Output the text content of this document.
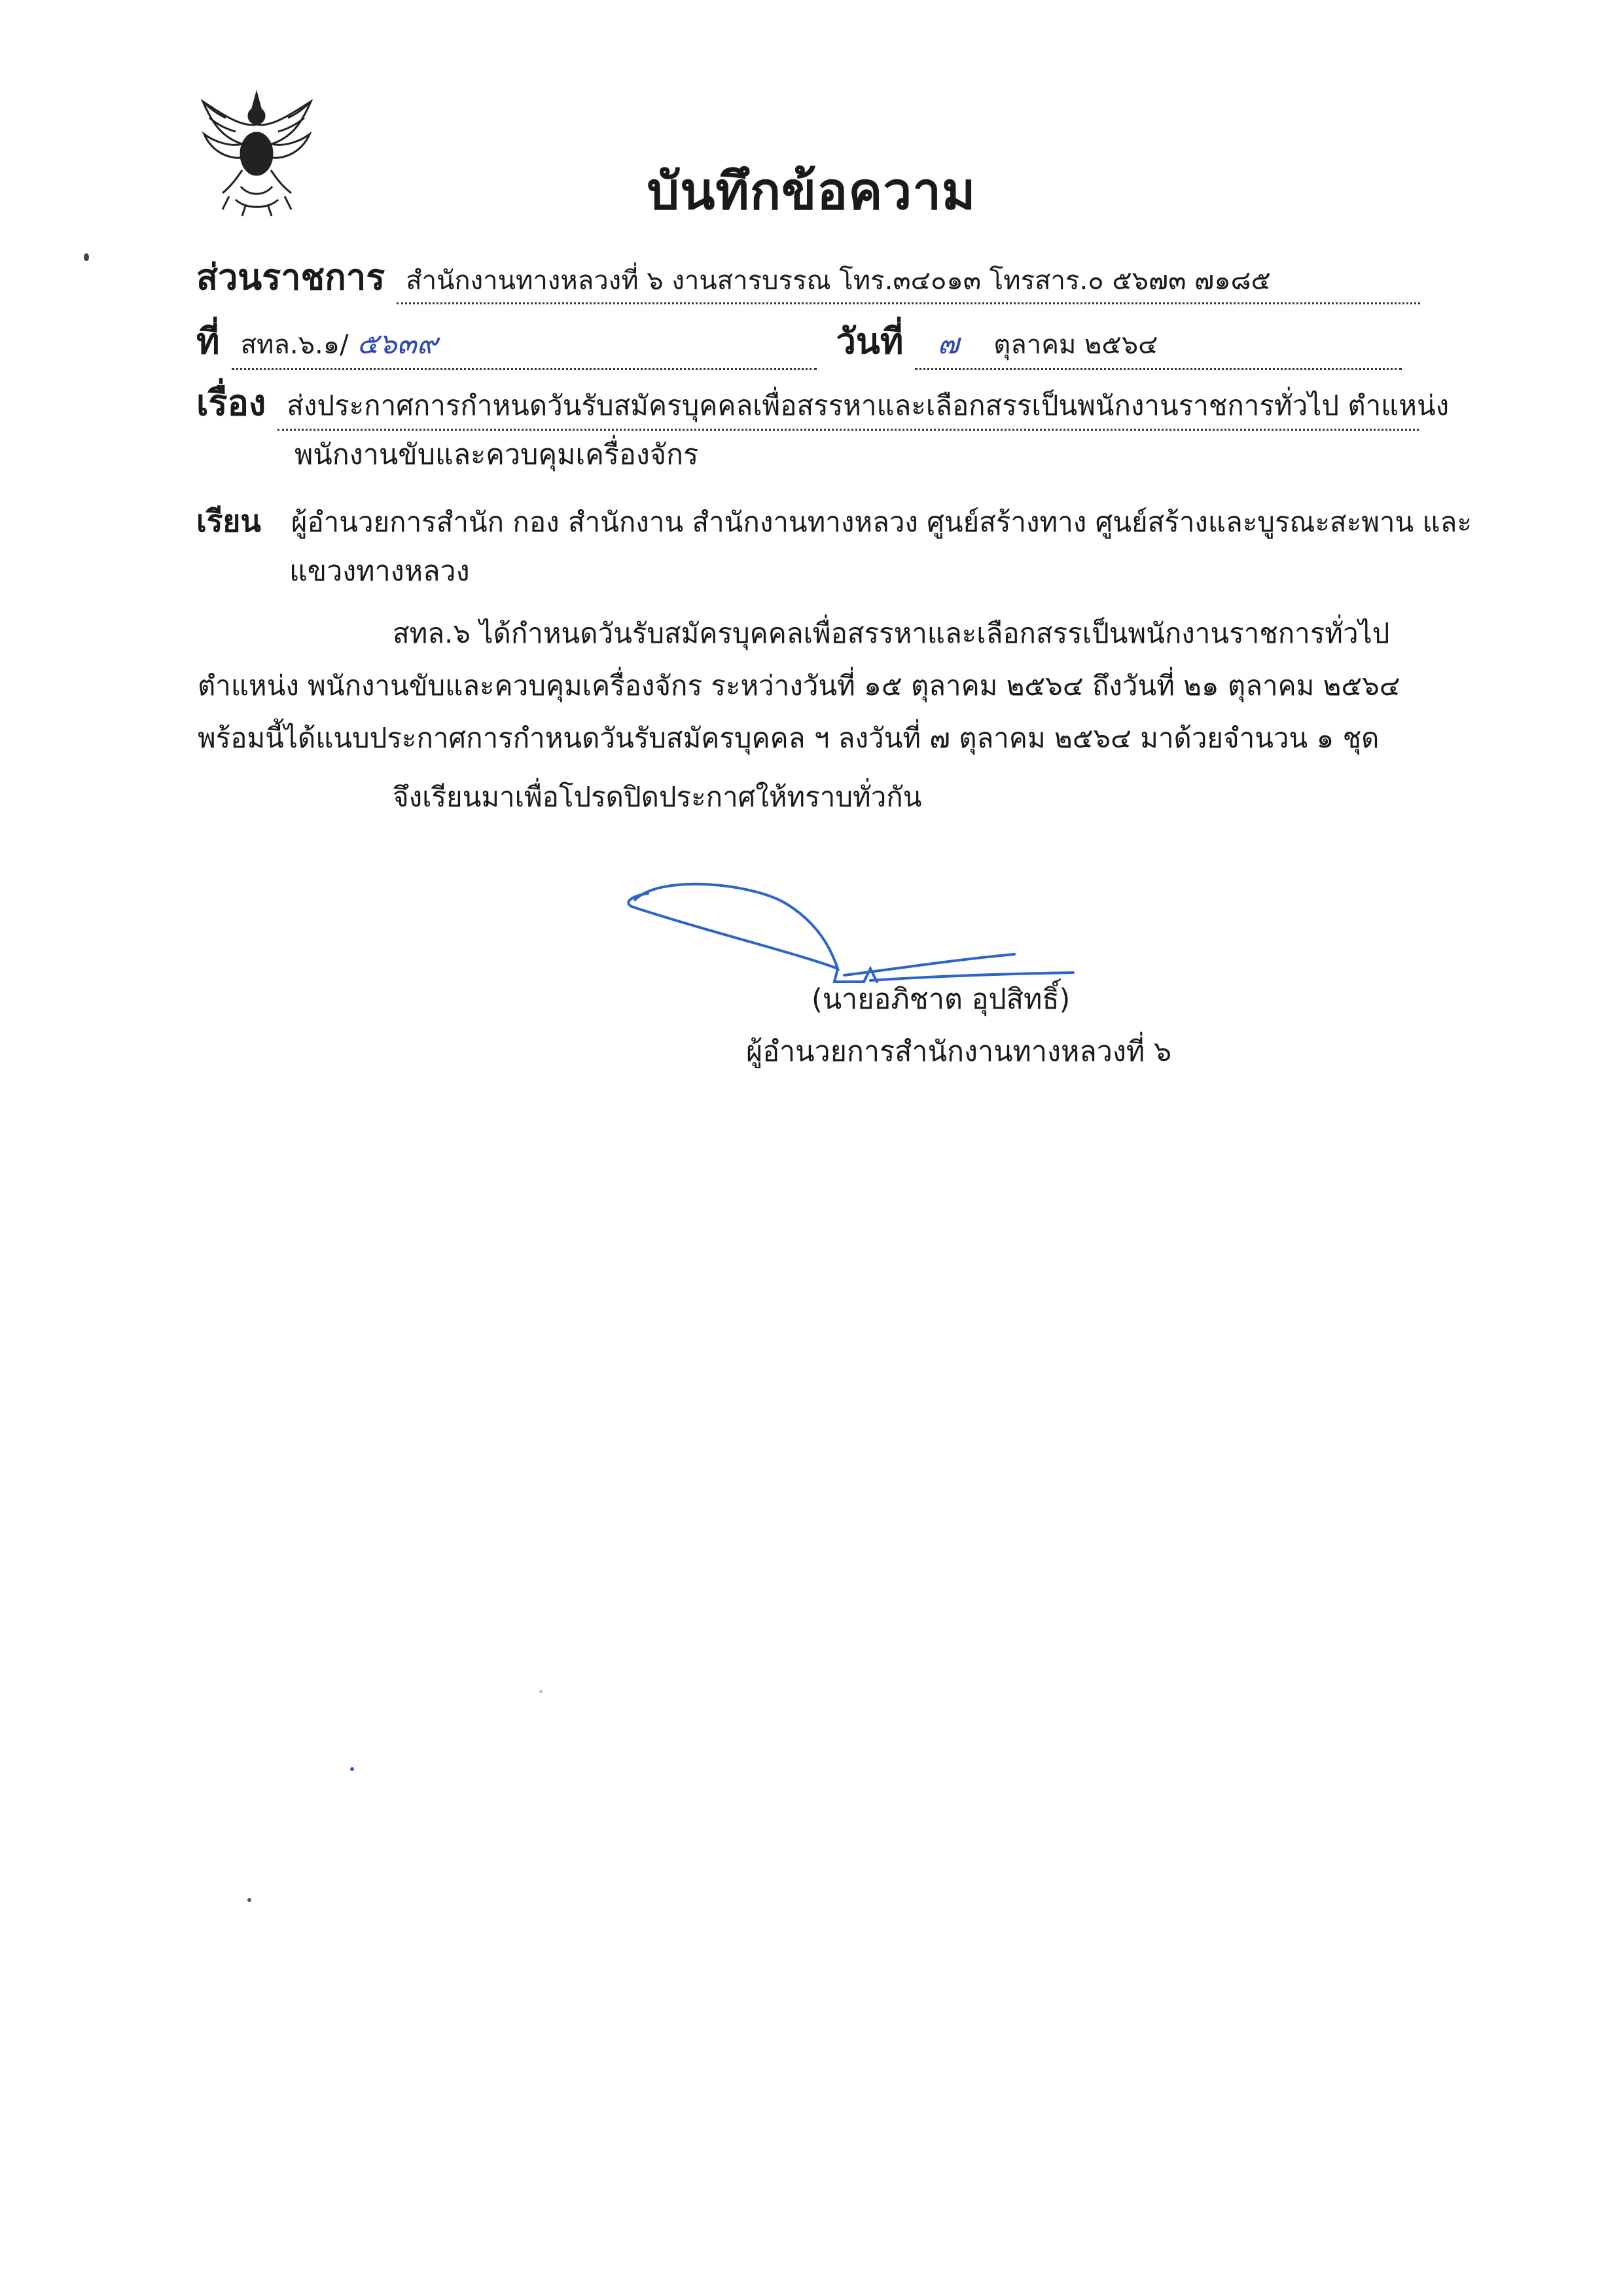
บันทึกข้อความ
ส่วนราชการ สำนักงานทางหลวงที่ ๖ งานสารบรรณ โทร.๓๔๐๑๓ โทรสาร.๐ ๕๖๗๓ ๗๑๘๕
ที่ สทล.๖.๑/ ๕๖๓๙	วันที่	๗ ตุลาคม ๒๕๖๔
เรื่อง ส่งประกาศการกำหนดวันรับสมัครบุคคลเพื่อสรรหาและเลือกสรรเป็นพนักงานราชการทั่วไป ตำแหน่ง
พนักงานขับและควบคุมเครื่องจักร
เรียน ผู้อำนวยการสำนัก กอง สำนักงาน สำนักงานทางหลวง ศูนย์สร้างทาง ศูนย์สร้างและบูรณะสะพาน และ
แขวงทางหลวง
สทล.๖ ได้กำหนดวันรับสมัครบุคคลเพื่อสรรหาและเลือกสรรเป็นพนักงานราชการทั่วไป
ตำแหน่ง พนักงานขับและควบคุมเครื่องจักร ระหว่างวันที่ ๑๕ ตุลาคม ๒๕๖๔ ถึงวันที่ ๒๑ ตุลาคม ๒๕๖๔
พร้อมนี้ได้แนบประกาศการกำหนดวันรับสมัครบุคคล ฯ ลงวันที่ ๗ ตุลาคม ๒๕๖๔ มาด้วยจำนวน ๑ ชุด
จึงเรียนมาเพื่อโปรดปิดประกาศให้ทราบทั่วกัน
(นายอภิชาต อุปสิทธิ์)
ผู้อำนวยการสำนักงานทางหลวงที่ ๖
